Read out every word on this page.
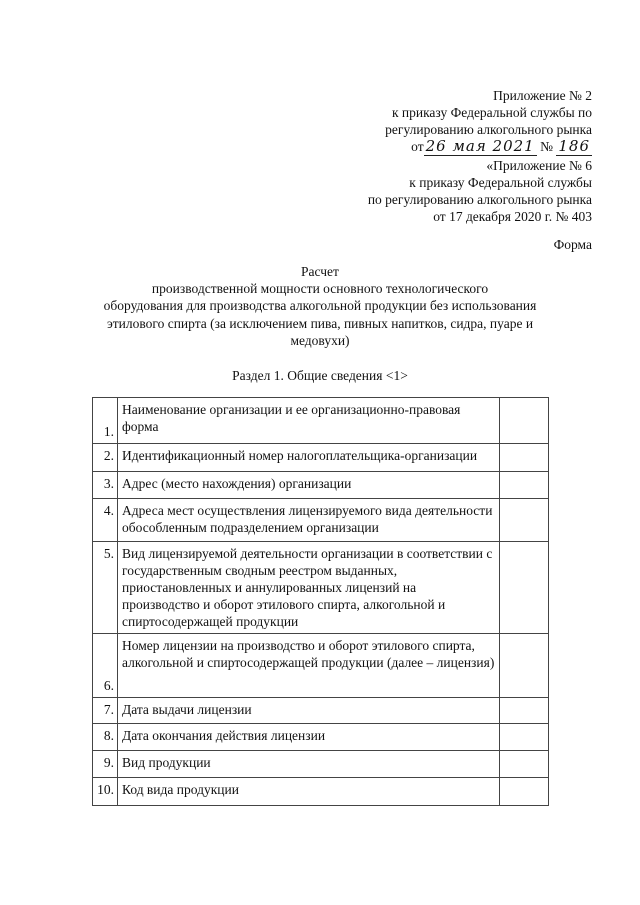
Приложение № 2
к приказу Федеральной службы по
регулированию алкогольного рынка
от 26 мая 2021 № 186
«Приложение № 6
к приказу Федеральной службы
по регулированию алкогольного рынка
от 17 декабря 2020 г. № 403
Форма
Расчет
производственной мощности основного технологического
оборудования для производства алкогольной продукции без использования
этилового спирта (за исключением пива, пивных напитков, сидра, пуаре и
медовухи)
Раздел 1. Общие сведения <1>
1.	Наименование организации и ее организационно-правовая форма	
2.	Идентификационный номер налогоплательщика-организации	
3.	Адрес (место нахождения) организации	
4.	Адреса мест осуществления лицензируемого вида деятельности обособленным подразделением организации	
5.	Вид лицензируемой деятельности организации в соответствии с государственным сводным реестром выданных, приостановленных и аннулированных лицензий на производство и оборот этилового спирта, алкогольной и спиртосодержащей продукции	
6.	Номер лицензии на производство и оборот этилового спирта, алкогольной и спиртосодержащей продукции (далее – лицензия)	
7.	Дата выдачи лицензии	
8.	Дата окончания действия лицензии	
9.	Вид продукции	
10.	Код вида продукции	
